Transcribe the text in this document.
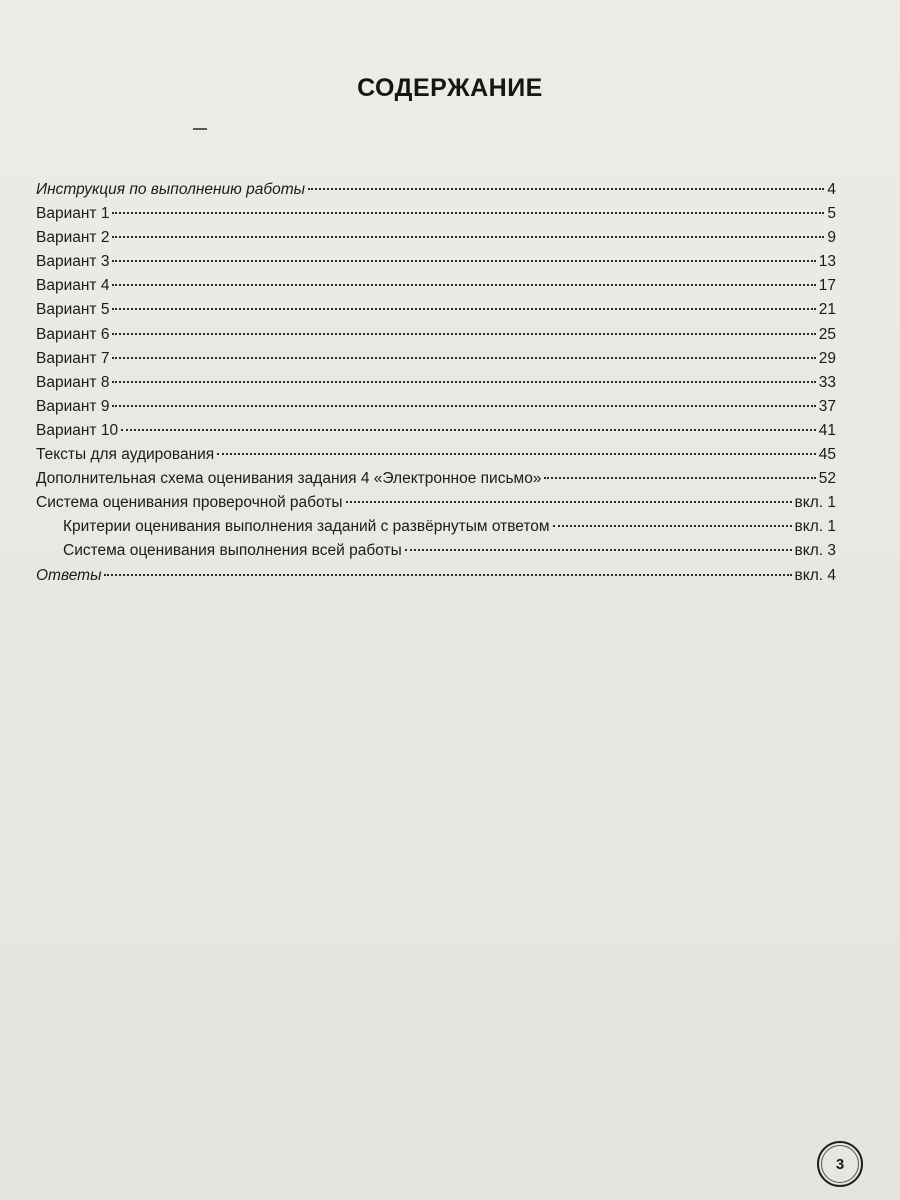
СОДЕРЖАНИЕ
Инструкция по выполнению работы	4
Вариант 1	5
Вариант 2	9
Вариант 3	13
Вариант 4	17
Вариант 5	21
Вариант 6	25
Вариант 7	29
Вариант 8	33
Вариант 9	37
Вариант 10	41
Тексты для аудирования	45
Дополнительная схема оценивания задания 4 «Электронное письмо»	52
Система оценивания проверочной работы	вкл. 1
Критерии оценивания выполнения заданий с развёрнутым ответом	вкл. 1
Система оценивания выполнения всей работы	вкл. 3
Ответы	вкл. 4
3
